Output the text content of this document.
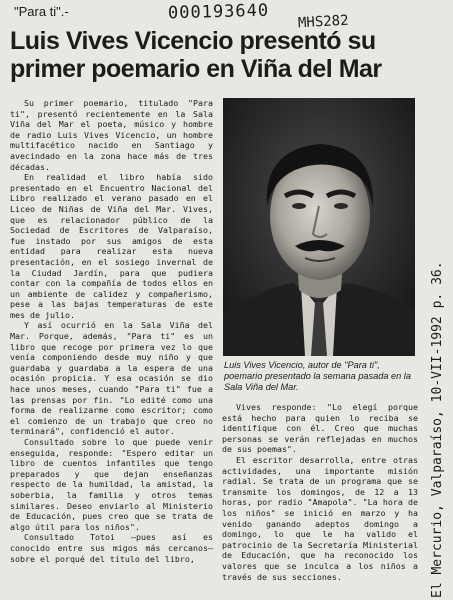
"Para ti".-	000193640 MHS282
Luis Vives Vicencio presentó su primer poemario en Viña del Mar

Su primer poemario, titulado "Para ti", presentó recientemente en la Sala Viña del Mar el poeta, músico y hombre de radio Luis Vives Vicencio, un hombre multifacético nacido en Santiago y avecindado en la zona hace más de tres décadas.

En realidad el libro había sido presentado en el Encuentro Nacional del Libro realizado el verano pasado en el Liceo de Niñas de Viña del Mar. Vives, que es relacionador público de la Sociedad de Escritores de Valparaíso, fue instado por sus amigos de esta entidad para realizar esta nueva presentación, en el sosiego invernal de la Ciudad Jardín, para que pudiera contar con la compañía de todos ellos en un ambiente de calidez y compañerismo, pese a las bajas temperaturas de este mes de julio.

Y así ocurrió en la Sala Viña del Mar. Porque, además, "Para ti" es un libro que recoge por primera vez lo que venía componiendo desde muy niño y que guardaba y guardaba a la espera de una ocasión propicia. Y esa ocasión se dio hace unos meses, cuando "Para ti" fue a las prensas por fin. "Lo edité como una forma de realizarme como escritor; como el comienzo de un trabajo que creo no terminará", confidenció el autor.

Consultado sobre lo que puede venir enseguida, responde: "Espero editar un libro de cuentos infantiles que tengo preparados y que dejan enseñanzas respecto de la humildad, la amistad, la soberbia, la familia y otros temas similares. Deseo enviarlo al Ministerio de Educación, pues creo que se trata de algo útil para los niños".

Consultado Totoi —pues así es conocido entre sus migos más cercanos— sobre el porqué del título del libro,

Luis Vives Vicencio, autor de "Para ti", poemario presentado la semana pasada en la Sala Viña del Mar.

Vives responde: "Lo elegí porque está hecho para quien lo reciba se identifique con él. Creo que muchas personas se verán reflejadas en muchos de sus poemas".

El escritor desarrolla, entre otras actividades, una importante misión radial. Se trata de un programa que se transmite los domingos, de 12 a 13 horas, por radio "Amapola". "La hora de los niños" se inició en marzo y ha venido ganando adeptos domingo a domingo, lo que le ha valido el patrocinio de la Secretaría Ministerial de Educación, que ha reconocido los valores que se inculca a los niños a través de sus secciones.	El Mercurio, Valparaíso, 10-VII-1992 p. 36.
